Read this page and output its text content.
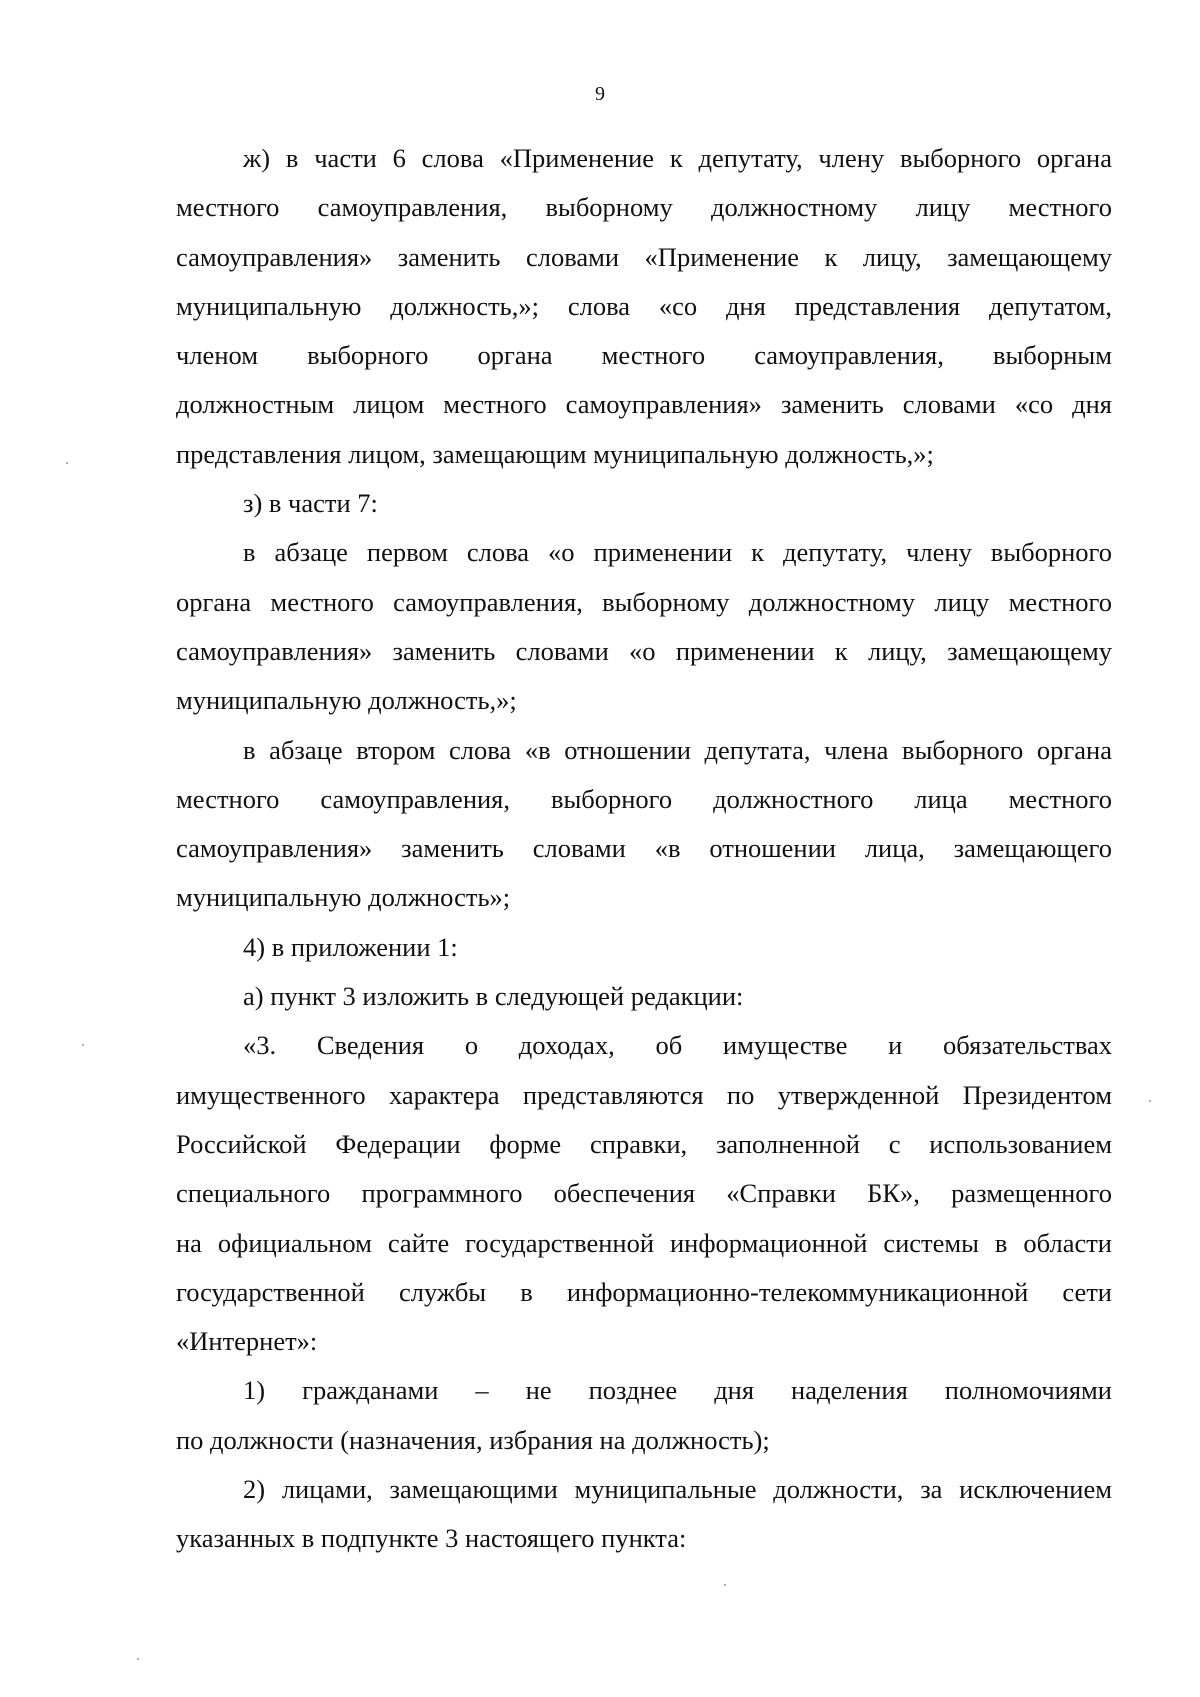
9
ж) в части 6 слова «Применение к депутату, члену выборного органа
местного самоуправления, выборному должностному лицу местного
самоуправления» заменить словами «Применение к лицу, замещающему
муниципальную должность,»; слова «со дня представления депутатом,
членом выборного органа местного самоуправления, выборным
должностным лицом местного самоуправления» заменить словами «со дня
представления лицом, замещающим муниципальную должность,»;
з) в части 7:
в абзаце первом слова «о применении к депутату, члену выборного
органа местного самоуправления, выборному должностному лицу местного
самоуправления» заменить словами «о применении к лицу, замещающему
муниципальную должность,»;
в абзаце втором слова «в отношении депутата, члена выборного органа
местного самоуправления, выборного должностного лица местного
самоуправления» заменить словами «в отношении лица, замещающего
муниципальную должность»;
4) в приложении 1:
а) пункт 3 изложить в следующей редакции:
«3. Сведения о доходах, об имуществе и обязательствах
имущественного характера представляются по утвержденной Президентом
Российской Федерации форме справки, заполненной с использованием
специального программного обеспечения «Справки БК», размещенного
на официальном сайте государственной информационной системы в области
государственной службы в информационно-телекоммуникационной сети
«Интернет»:
1) гражданами – не позднее дня наделения полномочиями
по должности (назначения, избрания на должность);
2) лицами, замещающими муниципальные должности, за исключением
указанных в подпункте 3 настоящего пункта:
